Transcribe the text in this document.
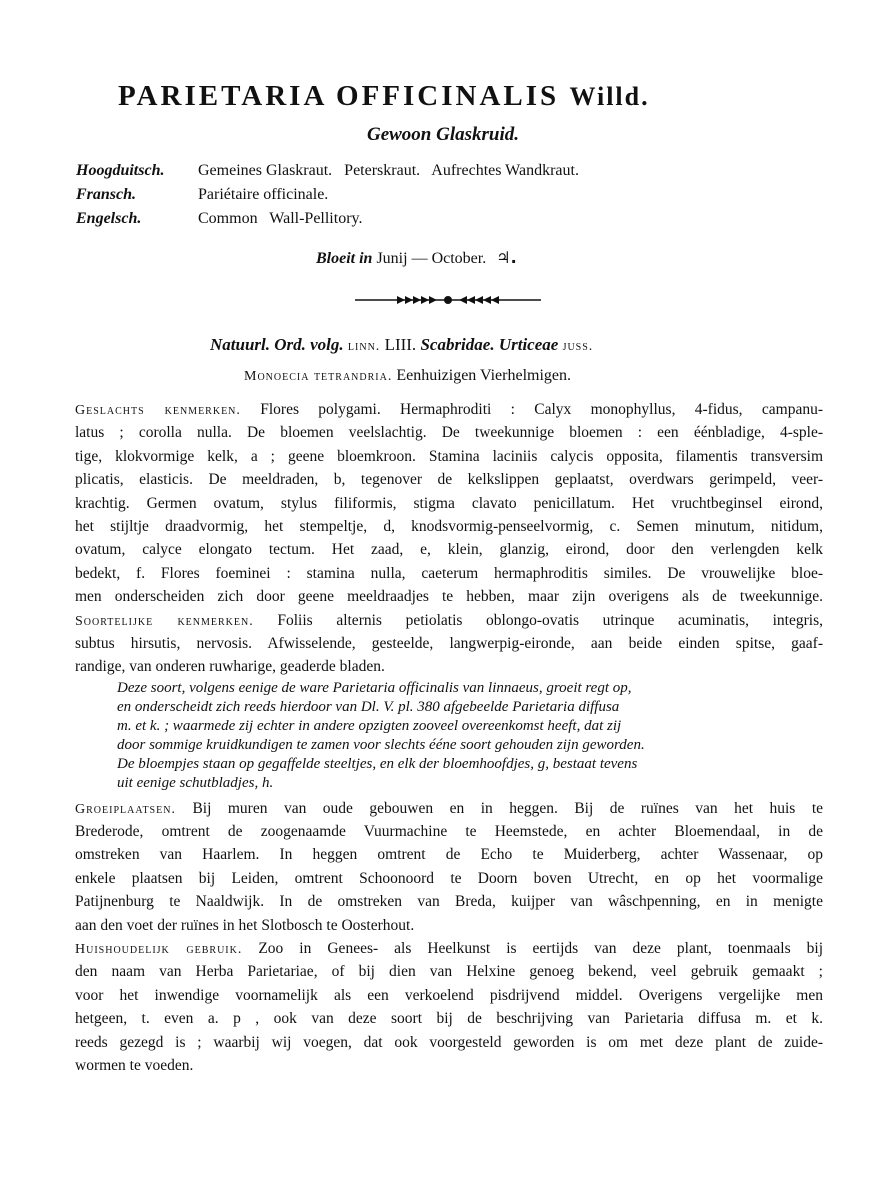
PARIETARIA OFFICINALIS Willd.
Gewoon Glaskruid.
Hoogduitsch. Gemeines Glaskraut.   Peterskraut.   Aufrechtes Wandkraut.
Fransch.	Pariétaire officinale.
Engelsch.	Common   Wall-Pellitory.
Bloeit in Junij — October. ♃.
Natuurl. Ord. volg. linn. LIII. Scabridae. Urticeae juss.
Monoecia tetrandria. Eenhuizigen Vierhelmigen.
Geslachts kenmerken. Flores polygami. Hermaphroditi : Calyx monophyllus, 4-fidus, campanu-
latus ; corolla nulla. De bloemen veelslachtig. De tweekunnige bloemen : een éénbladige, 4-sple-
tige, klokvormige kelk, a ; geene bloemkroon. Stamina laciniis calycis opposita, filamentis transversim
plicatis, elasticis. De meeldraden, b, tegenover de kelkslippen geplaatst, overdwars gerimpeld, veer-
krachtig. Germen ovatum, stylus filiformis, stigma clavato penicillatum. Het vruchtbeginsel eirond,
het stijltje draadvormig, het stempeltje, d, knodsvormig-penseelvormig, c. Semen minutum, nitidum,
ovatum, calyce elongato tectum. Het zaad, e, klein, glanzig, eirond, door den verlengden kelk
bedekt, f. Flores foeminei : stamina nulla, caeterum hermaphroditis similes. De vrouwelijke bloe-
men onderscheiden zich door geene meeldraadjes te hebben, maar zijn overigens als de tweekunnige.
Soortelijke kenmerken. Foliis alternis petiolatis oblongo-ovatis utrinque acuminatis, integris,
subtus hirsutis, nervosis. Afwisselende, gesteelde, langwerpig-eironde, aan beide einden spitse, gaaf-
randige, van onderen ruwharige, geaderde bladen.
Deze soort, volgens eenige de ware Parietaria officinalis van linnaeus, groeit regt op,
en onderscheidt zich reeds hierdoor van Dl. V. pl. 380 afgebeelde Parietaria diffusa
m. et k. ; waarmede zij echter in andere opzigten zooveel overeenkomst heeft, dat zij
door sommige kruidkundigen te zamen voor slechts ééne soort gehouden zijn geworden.
De bloempjes staan op gegaffelde steeltjes, en elk der bloemhoofdjes, g, bestaat tevens
uit eenige schutbladjes, h.
Groeiplaatsen. Bij muren van oude gebouwen en in heggen. Bij de ruïnes van het huis te
Brederode, omtrent de zoogenaamde Vuurmachine te Heemstede, en achter Bloemendaal, in de
omstreken van Haarlem. In heggen omtrent de Echo te Muiderberg, achter Wassenaar, op
enkele plaatsen bij Leiden, omtrent Schoonoord te Doorn boven Utrecht, en op het voormalige
Patijnenburg te Naaldwijk. In de omstreken van Breda, kuijper van wâschpenning, en in menigte
aan den voet der ruïnes in het Slotbosch te Oosterhout.
Huishoudelijk gebruik. Zoo in Genees- als Heelkunst is eertijds van deze plant, toenmaals bij
den naam van Herba Parietariae, of bij dien van Helxine genoeg bekend, veel gebruik gemaakt ;
voor het inwendige voornamelijk als een verkoelend pisdrijvend middel. Overigens vergelijke men
hetgeen, t. even a. p , ook van deze soort bij de beschrijving van Parietaria diffusa m. et k.
reeds gezegd is ; waarbij wij voegen, dat ook voorgesteld geworden is om met deze plant de zuide-
wormen te voeden.
